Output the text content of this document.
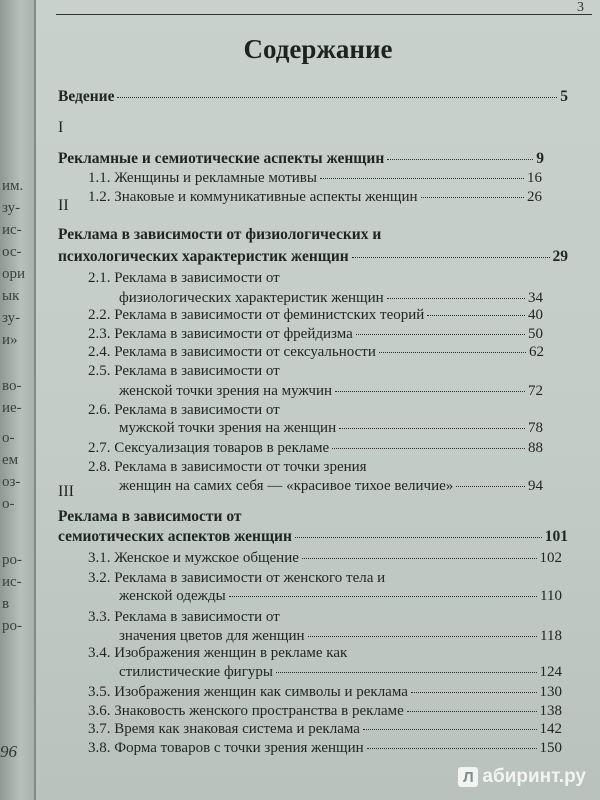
им.
зу-
ис-
ос-
ори
ык
зу-
и»
во-
ие-
о-
ем
оз-
о-
ро-
ис-
в
ро-
96
3
Содержание
Ведение	5
I
Рекламные и семиотические аспекты женщин	9
1.1. Женщины и рекламные мотивы	16
1.2. Знаковые и коммуникативные аспекты женщин	26
II
Реклама в зависимости от физиологических и
психологических характеристик женщин	29
2.1. Реклама в зависимости от
физиологических характеристик женщин	34
2.2. Реклама в зависимости от феминистских теорий	40
2.3. Реклама в зависимости от фрейдизма	50
2.4. Реклама в зависимости от сексуальности	62
2.5. Реклама в зависимости от
женской точки зрения на мужчин	72
2.6. Реклама в зависимости от
мужской точки зрения на женщин	78
2.7. Сексуализация товаров в рекламе	88
2.8. Реклама в зависимости от точки зрения
женщин на самих себя — «красивое тихое величие»	94
III
Реклама в зависимости от
семиотических аспектов женщин	101
3.1. Женское и мужское общение	102
3.2. Реклама в зависимости от женского тела и
женской одежды	110
3.3. Реклама в зависимости от
значения цветов для женщин	118
3.4. Изображения женщин в рекламе как
стилистические фигуры	124
3.5. Изображения женщин как символы и реклама	130
3.6. Знаковость женского пространства в рекламе	138
3.7. Время как знаковая система и реклама	142
3.8. Форма товаров с точки зрения женщин	150
Л абиринт.ру
